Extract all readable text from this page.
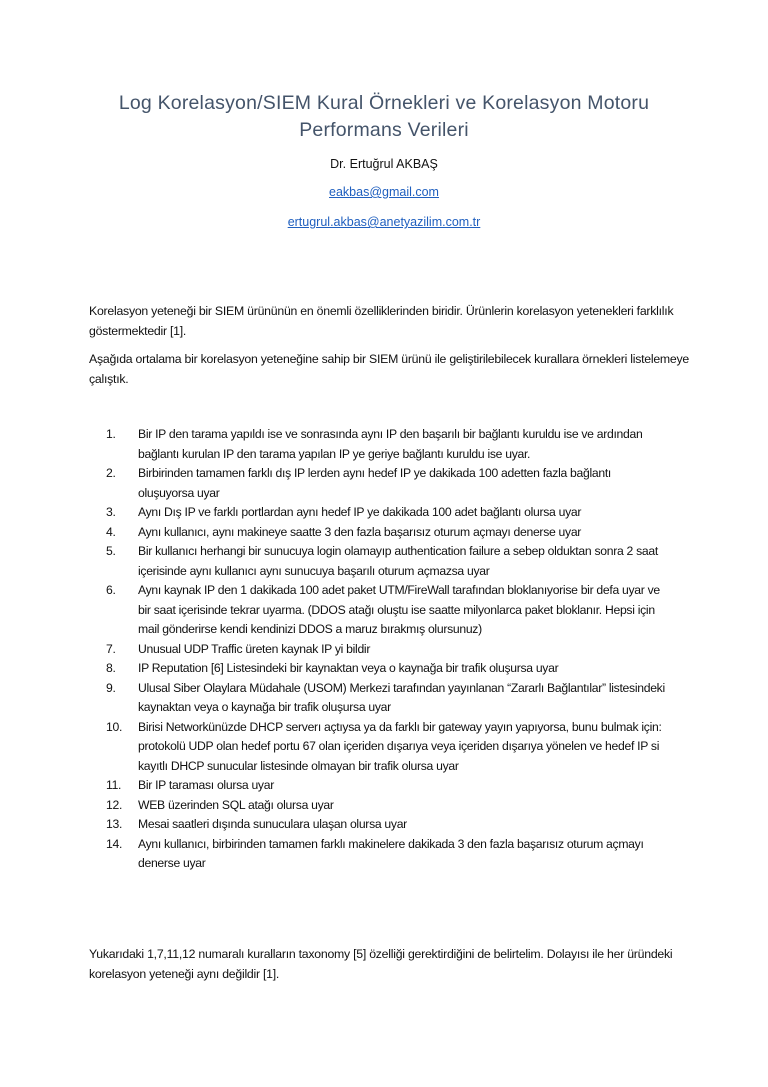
Log Korelasyon/SIEM Kural Örnekleri ve Korelasyon Motoru
Performans Verileri
Dr. Ertuğrul AKBAŞ
eakbas@gmail.com
ertugrul.akbas@anetyazilim.com.tr
Korelasyon yeteneği bir SIEM ürününün en önemli özelliklerinden biridir. Ürünlerin korelasyon yetenekleri farklılık göstermektedir [1].
Aşağıda ortalama bir korelasyon yeteneğine sahip bir SIEM ürünü ile geliştirilebilecek kurallara örnekleri listelemeye çalıştık.
1.	Bir IP den tarama yapıldı ise ve sonrasında aynı IP den başarılı bir bağlantı kuruldu ise ve ardından bağlantı kurulan IP den tarama yapılan IP ye geriye bağlantı kuruldu ise uyar.
2.	Birbirinden tamamen farklı dış IP lerden aynı hedef IP ye dakikada 100 adetten fazla bağlantı oluşuyorsa uyar
3.	Aynı Dış IP ve farklı portlardan aynı hedef IP ye dakikada 100 adet bağlantı olursa uyar
4.	Aynı kullanıcı, aynı makineye saatte 3 den fazla başarısız oturum açmayı denerse uyar
5.	Bir kullanıcı herhangi bir sunucuya login olamayıp authentication failure a sebep olduktan sonra 2 saat içerisinde aynı kullanıcı aynı sunucuya başarılı oturum açmazsa uyar
6.	Aynı kaynak IP den 1 dakikada 100 adet paket UTM/FireWall tarafından bloklanıyorise bir defa uyar ve bir saat içerisinde tekrar uyarma. (DDOS atağı oluştu ise saatte milyonlarca paket bloklanır. Hepsi için mail gönderirse kendi kendinizi DDOS a maruz bırakmış olursunuz)
7.	Unusual UDP Traffic üreten kaynak IP yi bildir
8.	IP Reputation [6] Listesindeki bir kaynaktan veya o kaynağa bir trafik oluşursa uyar
9.	Ulusal Siber Olaylara Müdahale (USOM) Merkezi tarafından yayınlanan “Zararlı Bağlantılar” listesindeki kaynaktan veya o kaynağa bir trafik oluşursa uyar
10.	Birisi Networkünüzde DHCP serverı açtıysa ya da farklı bir gateway yayın yapıyorsa, bunu bulmak için: protokolü UDP olan hedef portu 67 olan içeriden dışarıya veya içeriden dışarıya yönelen ve hedef IP si kayıtlı DHCP sunucular listesinde olmayan bir trafik olursa uyar
11.	Bir IP taraması olursa uyar
12.	WEB üzerinden SQL atağı olursa uyar
13.	Mesai saatleri dışında sunuculara ulaşan olursa uyar
14.	Aynı kullanıcı, birbirinden tamamen farklı makinelere dakikada 3 den fazla başarısız oturum açmayı denerse uyar
Yukarıdaki 1,7,11,12 numaralı kuralların taxonomy [5] özelliği gerektirdiğini de belirtelim. Dolayısı ile her üründeki korelasyon yeteneği aynı değildir [1].
